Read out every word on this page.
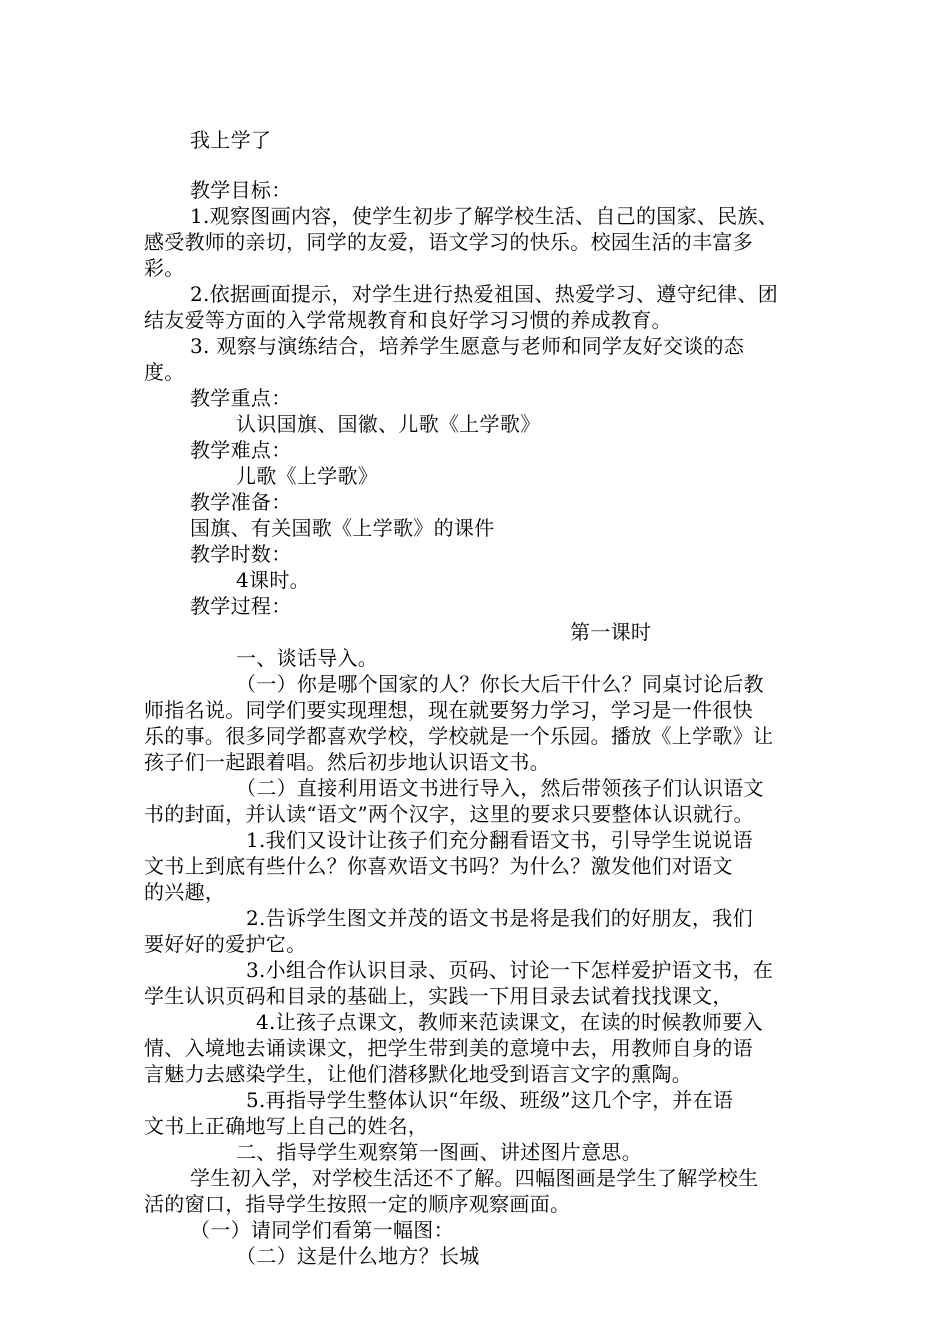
我上学了
教学目标：
1.观察图画内容，使学生初步了解学校生活、自己的国家、民族、
感受教师的亲切，同学的友爱，语文学习的快乐。校园生活的丰富多
彩。
2.依据画面提示，对学生进行热爱祖国、热爱学习、遵守纪律、团
结友爱等方面的入学常规教育和良好学习习惯的养成教育。
3. 观察与演练结合，培养学生愿意与老师和同学友好交谈的态
度。
教学重点：
认识国旗、国徽、儿歌《上学歌》
教学难点：
儿歌《上学歌》
教学准备：
国旗、有关国歌《上学歌》的课件
教学时数：
4课时。
教学过程：
第一课时
一、谈话导入。
（一）你是哪个国家的人？你长大后干什么？同桌讨论后教
师指名说。同学们要实现理想，现在就要努力学习，学习是一件很快
乐的事。很多同学都喜欢学校，学校就是一个乐园。播放《上学歌》让
孩子们一起跟着唱。然后初步地认识语文书。
（二）直接利用语文书进行导入，然后带领孩子们认识语文
书的封面，并认读“语文”两个汉字，这里的要求只要整体认识就行。
1.我们又设计让孩子们充分翻看语文书，引导学生说说语
文书上到底有些什么？你喜欢语文书吗？为什么？激发他们对语文
的兴趣，
2.告诉学生图文并茂的语文书是将是我们的好朋友，我们
要好好的爱护它。
3.小组合作认识目录、页码、讨论一下怎样爱护语文书，在
学生认识页码和目录的基础上，实践一下用目录去试着找找课文，
4.让孩子点课文，教师来范读课文，在读的时候教师要入
情、入境地去诵读课文，把学生带到美的意境中去，用教师自身的语
言魅力去感染学生，让他们潜移默化地受到语言文字的熏陶。
5.再指导学生整体认识“年级、班级”这几个字，并在语
文书上正确地写上自己的姓名，
二、指导学生观察第一图画、讲述图片意思。
学生初入学，对学校生活还不了解。四幅图画是学生了解学校生
活的窗口，指导学生按照一定的顺序观察画面。
（一）请同学们看第一幅图：
（二）这是什么地方？长城
